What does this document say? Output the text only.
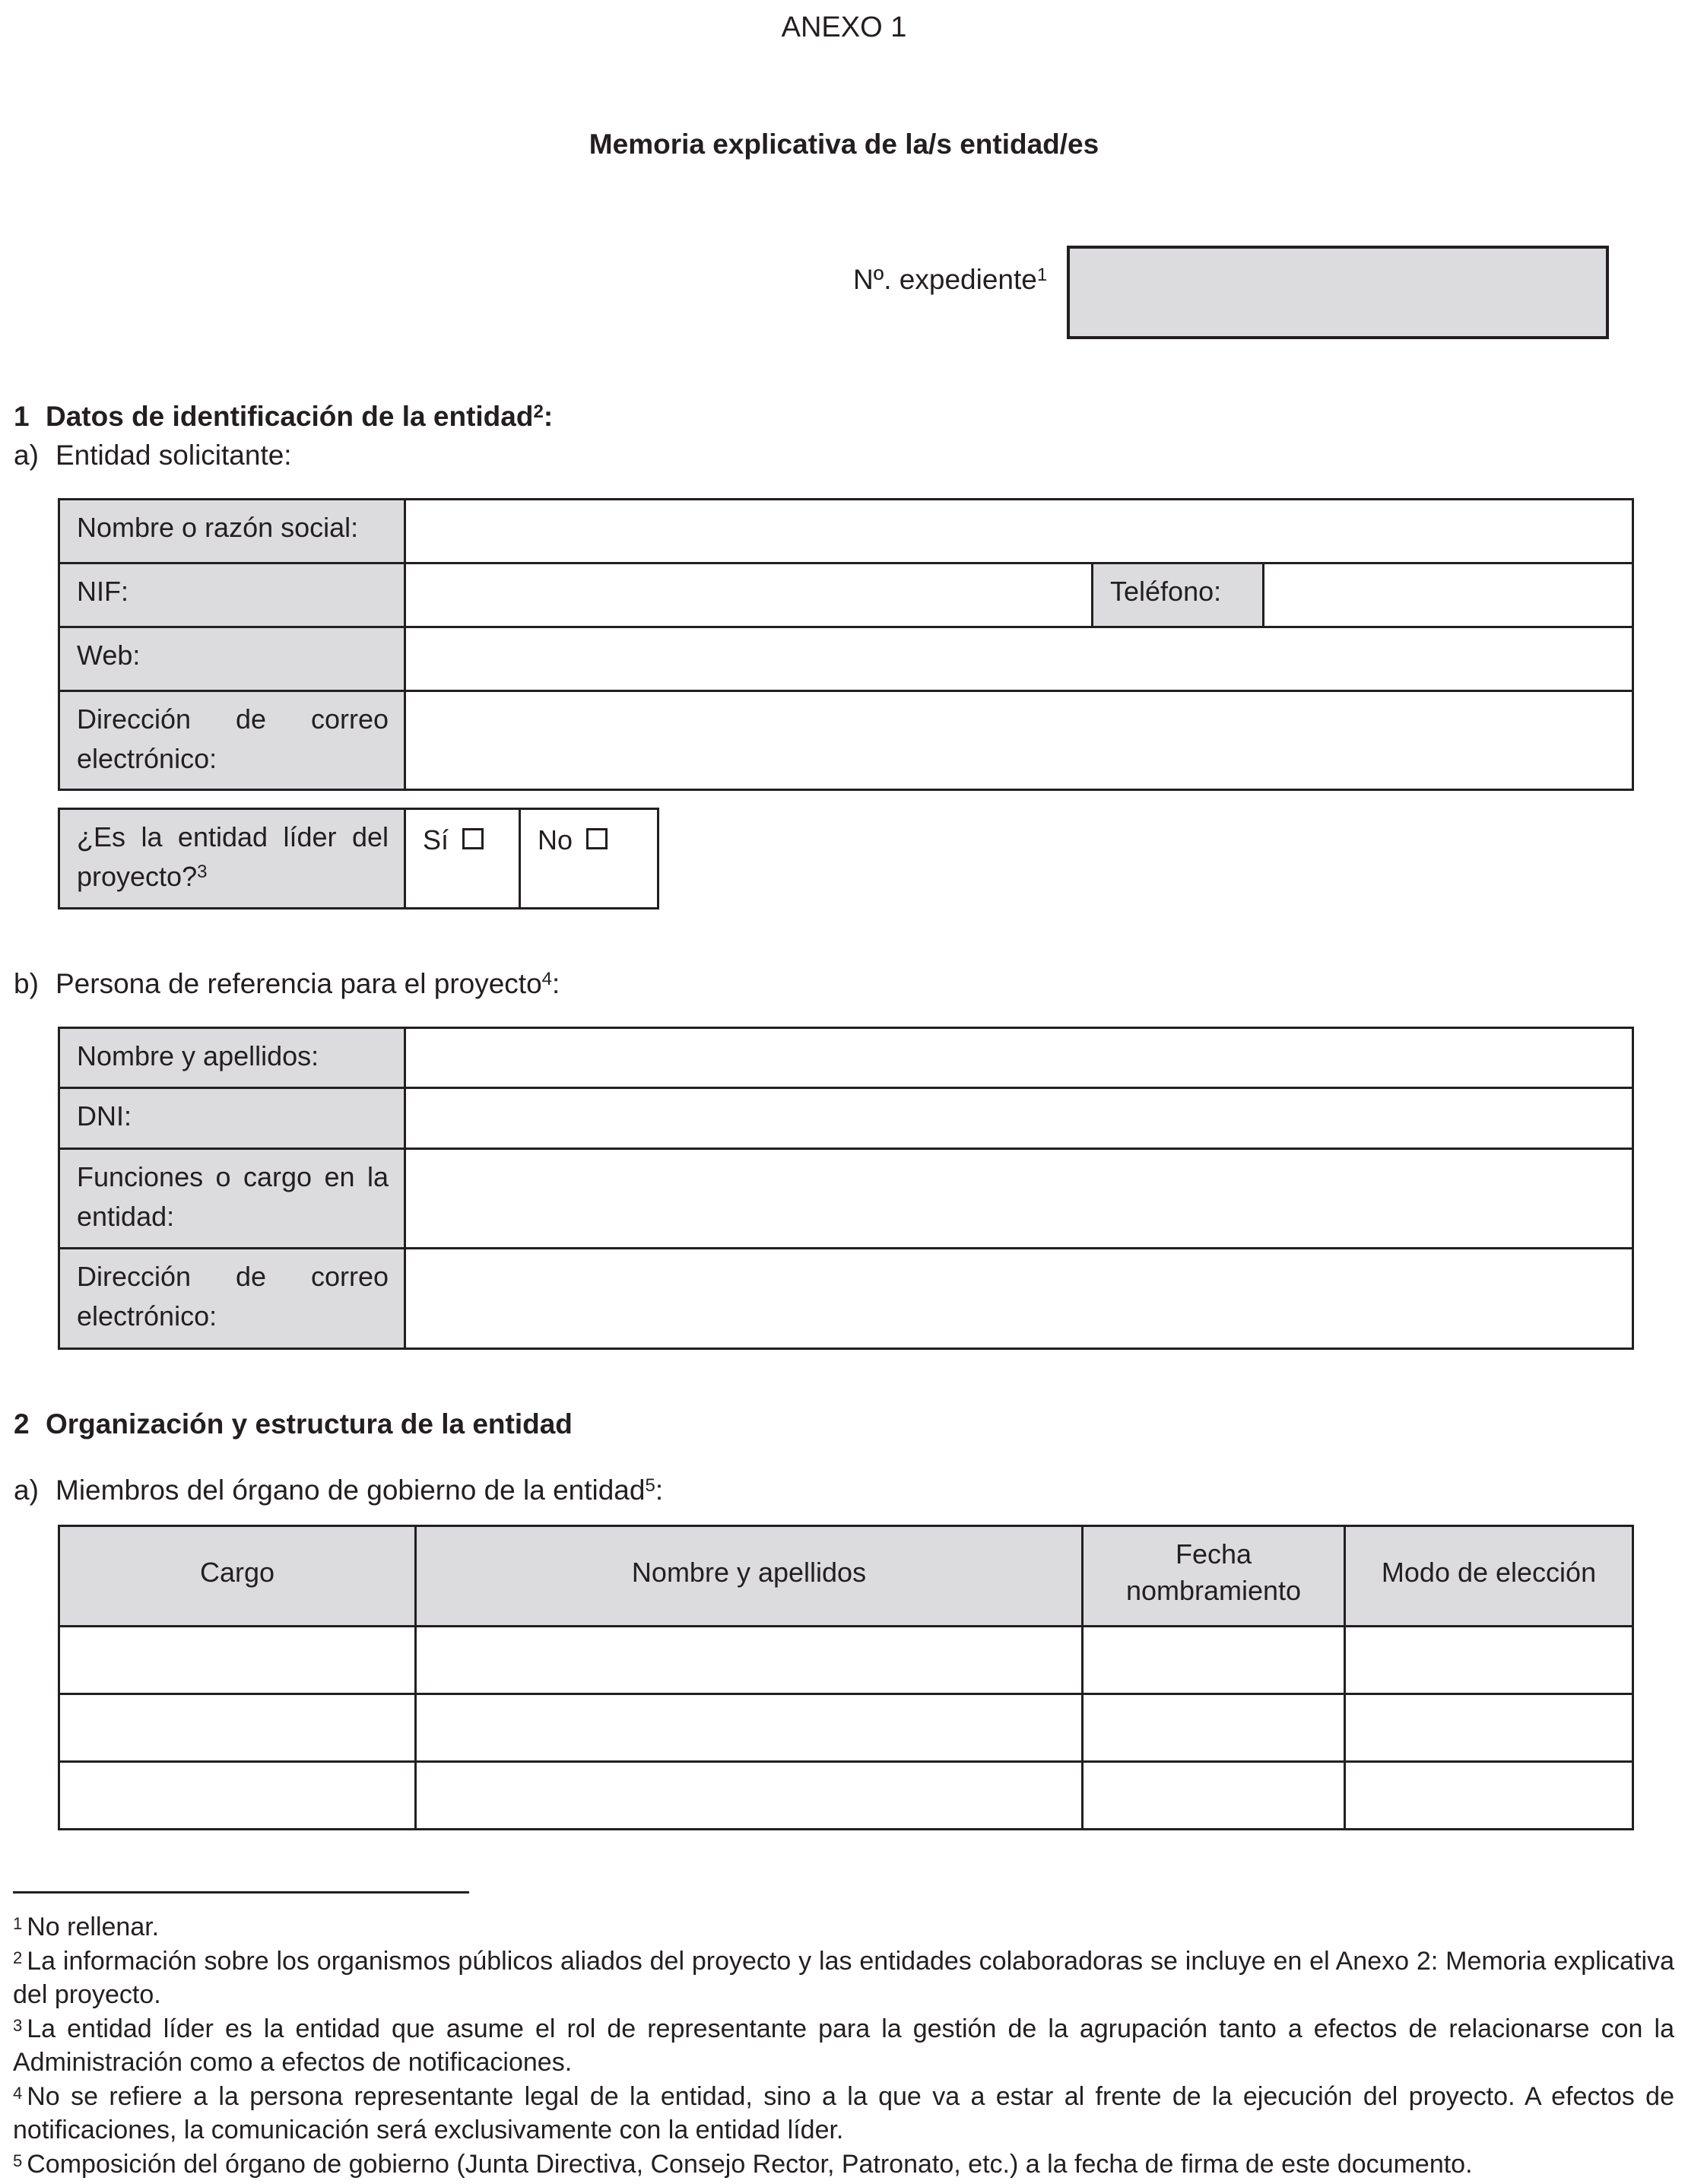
ANEXO 1
Memoria explicativa de la/s entidad/es
Nº. expediente$^1$
1 Datos de identificación de la entidad$^2$:
a) Entidad solicitante:
Nombre o razón social:			
NIF:		Teléfono:	
Web:			
Dirección de correo electrónico:			
¿Es la entidad líder del proyecto?$^3$	Sí	No
b) Persona de referencia para el proyecto$^4$:
Nombre y apellidos:	
DNI:	
Funciones o cargo en la entidad:	
Dirección de correo electrónico:	
2 Organización y estructura de la entidad
a) Miembros del órgano de gobierno de la entidad$^5$:
Cargo	Nombre y apellidos	Fecha nombramiento	Modo de elección

$^1$ No rellenar.

$^2$ La información sobre los organismos públicos aliados del proyecto y las entidades colaboradoras se incluye en el Anexo 2: Memoria explicativa del proyecto.

$^3$ La entidad líder es la entidad que asume el rol de representante para la gestión de la agrupación tanto a efectos de relacionarse con la Administración como a efectos de notificaciones.

$^4$ No se refiere a la persona representante legal de la entidad, sino a la que va a estar al frente de la ejecución del proyecto. A efectos de notificaciones, la comunicación será exclusivamente con la entidad líder.

$^5$ Composición del órgano de gobierno (Junta Directiva, Consejo Rector, Patronato, etc.) a la fecha de firma de este documento.
